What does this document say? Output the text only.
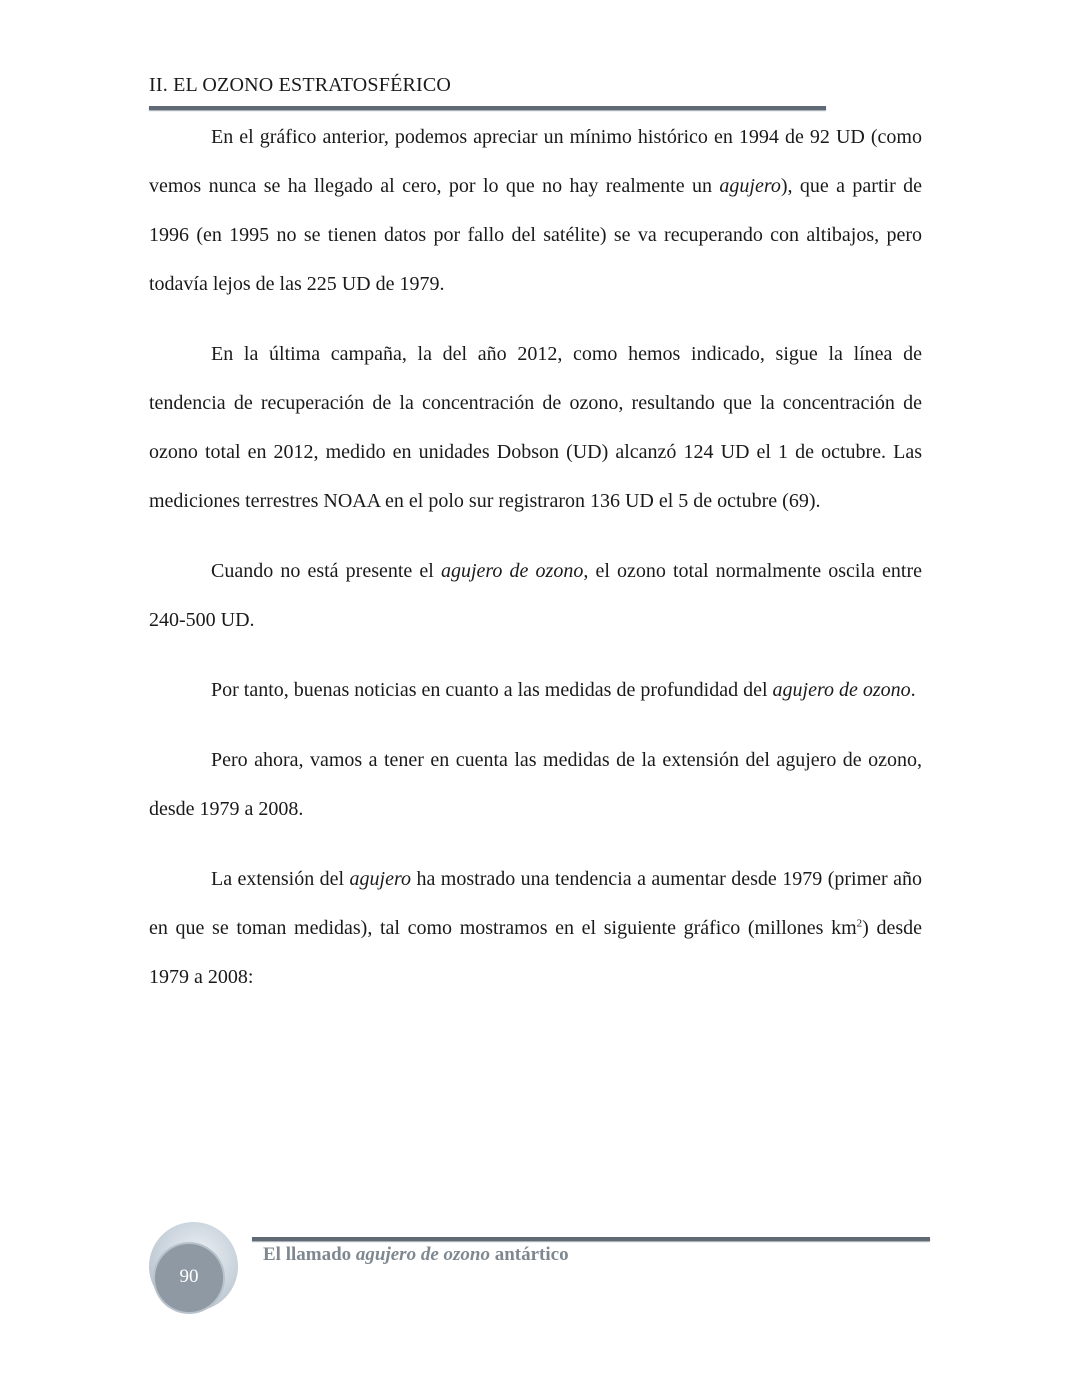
II. EL OZONO ESTRATOSFÉRICO

En el gráfico anterior, podemos apreciar un mínimo histórico en 1994 de 92 UD (como vemos nunca se ha llegado al cero, por lo que no hay realmente un agujero), que a partir de 1996 (en 1995 no se tienen datos por fallo del satélite) se va recuperando con altibajos, pero todavía lejos de las 225 UD de 1979.

En la última campaña, la del año 2012, como hemos indicado, sigue la línea de tendencia de recuperación de la concentración de ozono, resultando que la concentración de ozono total en 2012, medido en unidades Dobson (UD) alcanzó 124 UD el 1 de octubre. Las mediciones terrestres NOAA en el polo sur registraron 136 UD el 5 de octubre (69).

Cuando no está presente el agujero de ozono, el ozono total normalmente oscila entre 240-500 UD.

Por tanto, buenas noticias en cuanto a las medidas de profundidad del agujero de ozono.

Pero ahora, vamos a tener en cuenta las medidas de la extensión del agujero de ozono, desde 1979 a 2008.

La extensión del agujero ha mostrado una tendencia a aumentar desde 1979 (primer año en que se toman medidas), tal como mostramos en el siguiente gráfico (millones $km^2$) desde 1979 a 2008:

90
El llamado agujero de ozono antártico
